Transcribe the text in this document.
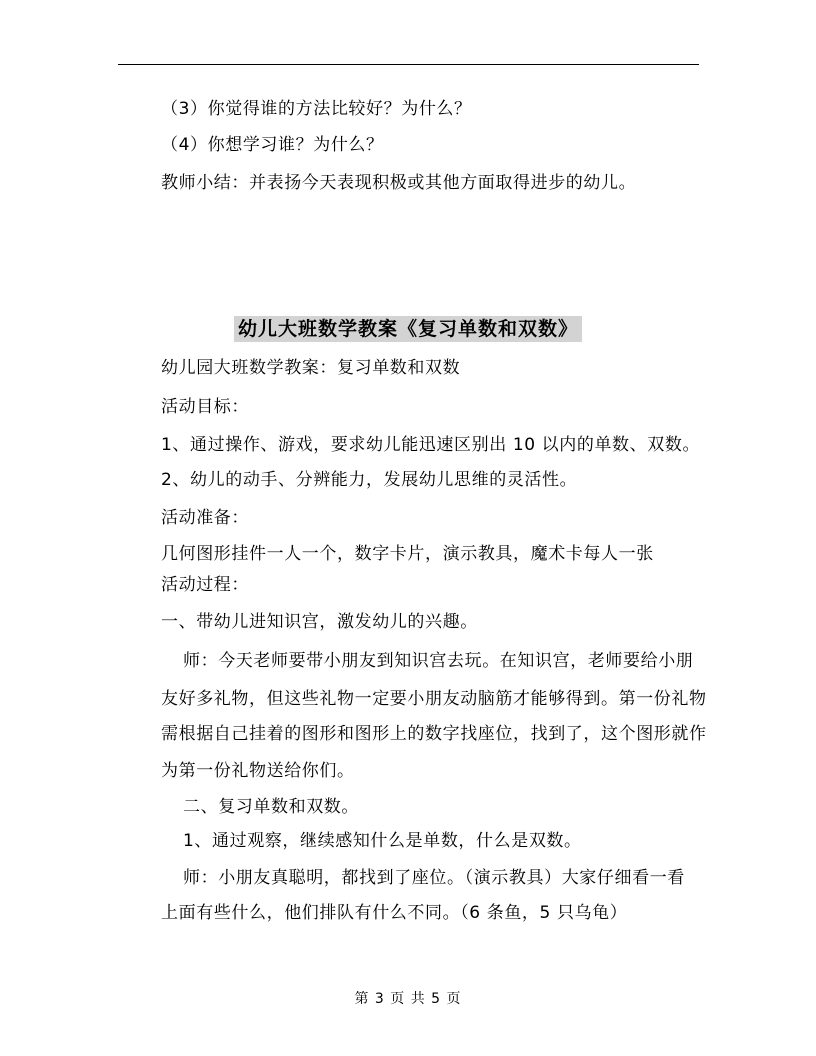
（3）你觉得谁的方法比较好？为什么？
（4）你想学习谁？为什么？
教师小结：并表扬今天表现积极或其他方面取得进步的幼儿。
幼儿大班数学教案《复习单数和双数》
幼儿园大班数学教案：复习单数和双数
活动目标：
1、通过操作、游戏，要求幼儿能迅速区别出 10 以内的单数、双数。
2、幼儿的动手、分辨能力，发展幼儿思维的灵活性。
活动准备：
几何图形挂件一人一个，数字卡片，演示教具，魔术卡每人一张
活动过程：
一、带幼儿进知识宫，激发幼儿的兴趣。
师：今天老师要带小朋友到知识宫去玩。在知识宫，老师要给小朋
友好多礼物，但这些礼物一定要小朋友动脑筋才能够得到。第一份礼物
需根据自己挂着的图形和图形上的数字找座位，找到了，这个图形就作
为第一份礼物送给你们。
二、复习单数和双数。
1、通过观察，继续感知什么是单数，什么是双数。
师：小朋友真聪明，都找到了座位。（演示教具）大家仔细看一看
上面有些什么，他们排队有什么不同。（6 条鱼，5 只乌龟）
第 3 页 共 5 页
